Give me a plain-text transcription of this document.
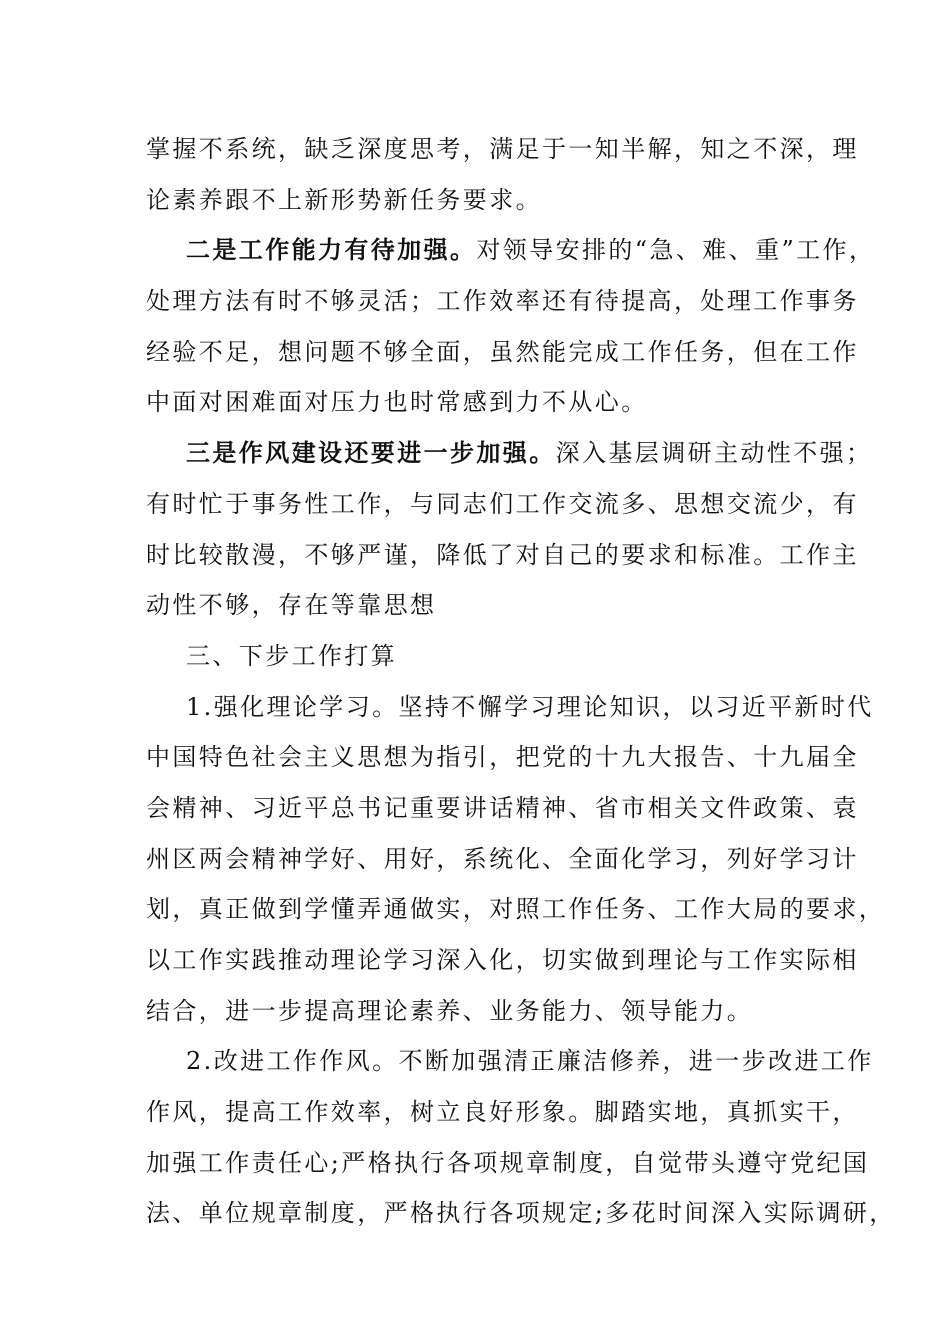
掌握不系统，缺乏深度思考，满足于一知半解，知之不深，理
论素养跟不上新形势新任务要求。
二是工作能力有待加强。对领导安排的“急、难、重”工作，
处理方法有时不够灵活；工作效率还有待提高，处理工作事务
经验不足，想问题不够全面，虽然能完成工作任务，但在工作
中面对困难面对压力也时常感到力不从心。
三是作风建设还要进一步加强。深入基层调研主动性不强；
有时忙于事务性工作，与同志们工作交流多、思想交流少，有
时比较散漫，不够严谨，降低了对自己的要求和标准。工作主
动性不够，存在等靠思想
三、下步工作打算
1.强化理论学习。坚持不懈学习理论知识，以习近平新时代
中国特色社会主义思想为指引，把党的十九大报告、十九届全
会精神、习近平总书记重要讲话精神、省市相关文件政策、袁
州区两会精神学好、用好，系统化、全面化学习，列好学习计
划，真正做到学懂弄通做实，对照工作任务、工作大局的要求，
以工作实践推动理论学习深入化，切实做到理论与工作实际相
结合，进一步提高理论素养、业务能力、领导能力。
2.改进工作作风。不断加强清正廉洁修养，进一步改进工作
作风，提高工作效率，树立良好形象。脚踏实地，真抓实干，
加强工作责任心;严格执行各项规章制度，自觉带头遵守党纪国
法、单位规章制度，严格执行各项规定;多花时间深入实际调研，
